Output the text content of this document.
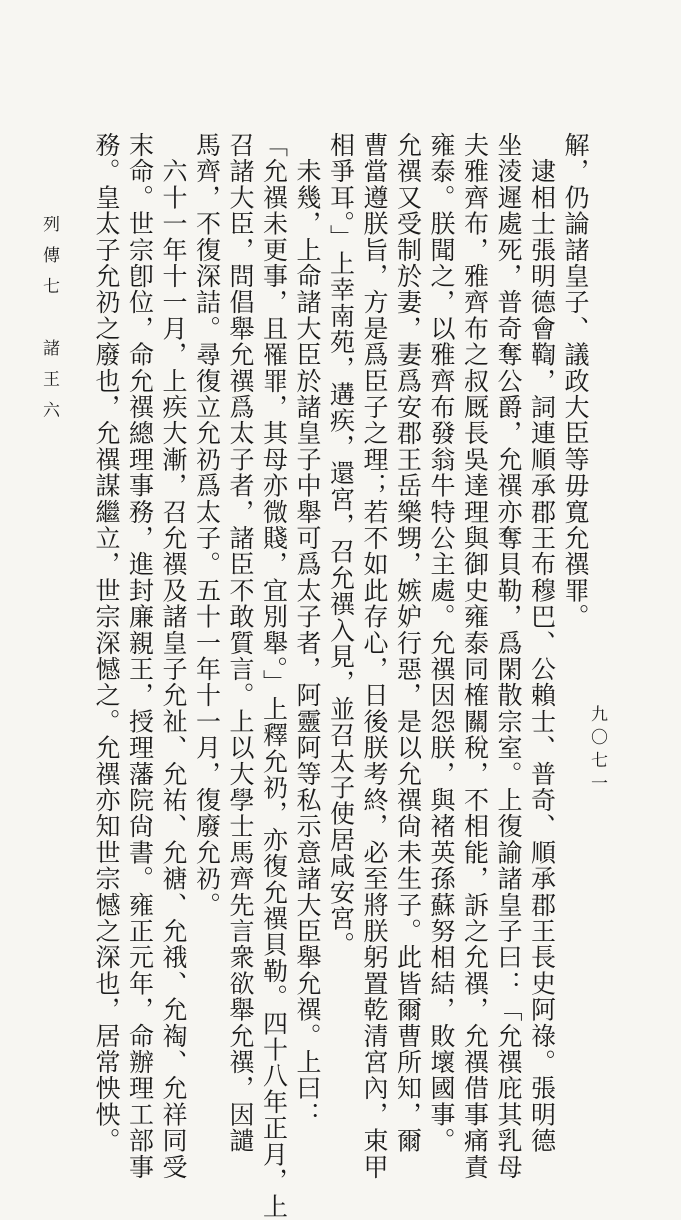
列傳七　諸王六
九〇七一
解，仍論諸皇子、議政大臣等毋寬允禩罪。
　逮相士張明德會鞫，詞連順承郡王布穆巴、公賴士、普奇、順承郡王長史阿祿。張明德
坐淩遲處死，普奇奪公爵，允禩亦奪貝勒，爲閑散宗室。上復諭諸皇子曰：「允禩庇其乳母
夫雅齊布，雅齊布之叔厩長吳達理與御史雍泰同榷關稅，不相能，訴之允禩，允禩借事痛責
雍泰。朕聞之，以雅齊布發翁牛特公主處。允禩因怨朕，與褚英孫蘇努相結，敗壞國事。
允禩又受制於妻，妻爲安郡王岳樂甥，嫉妒行惡，是以允禩尙未生子。此皆爾曹所知，爾
曹當遵朕旨，方是爲臣子之理；若不如此存心，日後朕考終，必至將朕躬置乾清宮內，束甲
相爭耳。」上幸南苑，遘疾，還宮，召允禩入見，並召太子使居咸安宮。
　未幾，上命諸大臣於諸皇子中舉可爲太子者，阿靈阿等私示意諸大臣舉允禩。上曰：
「允禩未更事，且罹罪，其母亦微賤，宜別舉。」上釋允礽，亦復允禩貝勒。四十八年正月，上
召諸大臣，問倡舉允禩爲太子者，諸臣不敢質言。上以大學士馬齊先言衆欲舉允禩，因譴
馬齊，不復深詰。尋復立允礽爲太子。五十一年十一月，復廢允礽。
　六十一年十一月，上疾大漸，召允禩及諸皇子允祉、允祐、允禟、允䄉、允祹、允祥同受
末命。世宗卽位，命允禩總理事務，進封廉親王，授理藩院尙書。雍正元年，命辦理工部事
務。皇太子允礽之廢也，允禩謀繼立，世宗深憾之。允禩亦知世宗憾之深也，居常怏怏。
